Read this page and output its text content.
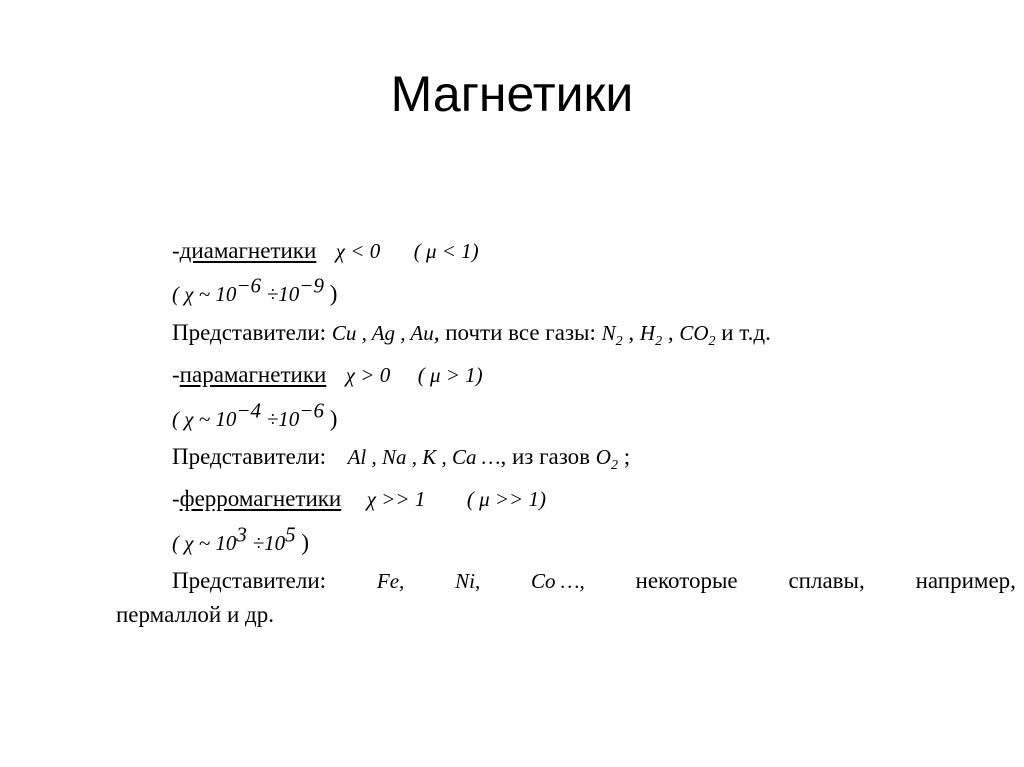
Магнетики
-диамагнетики χ < 0 ( μ < 1)
( χ ~ $10^{-6} \div 10^{-9}$ )
Представители: Cu , Ag , Au, почти все газы: $N_2$ , $H_2$ , $CO_2$ и т.д.
-парамагнетики χ > 0 ( μ > 1)
( χ ~ $10^{-4} \div 10^{-6}$ )
Представители: Al , Na , K , Ca …, из газов $O_2$ ;
-ферромагнетики χ >> 1 ( μ >> 1)
( χ ~ $10^3 \div 10^5$ )
Представители: Fe, Ni, Co …, некоторые сплавы, например,
пермаллой и др.
